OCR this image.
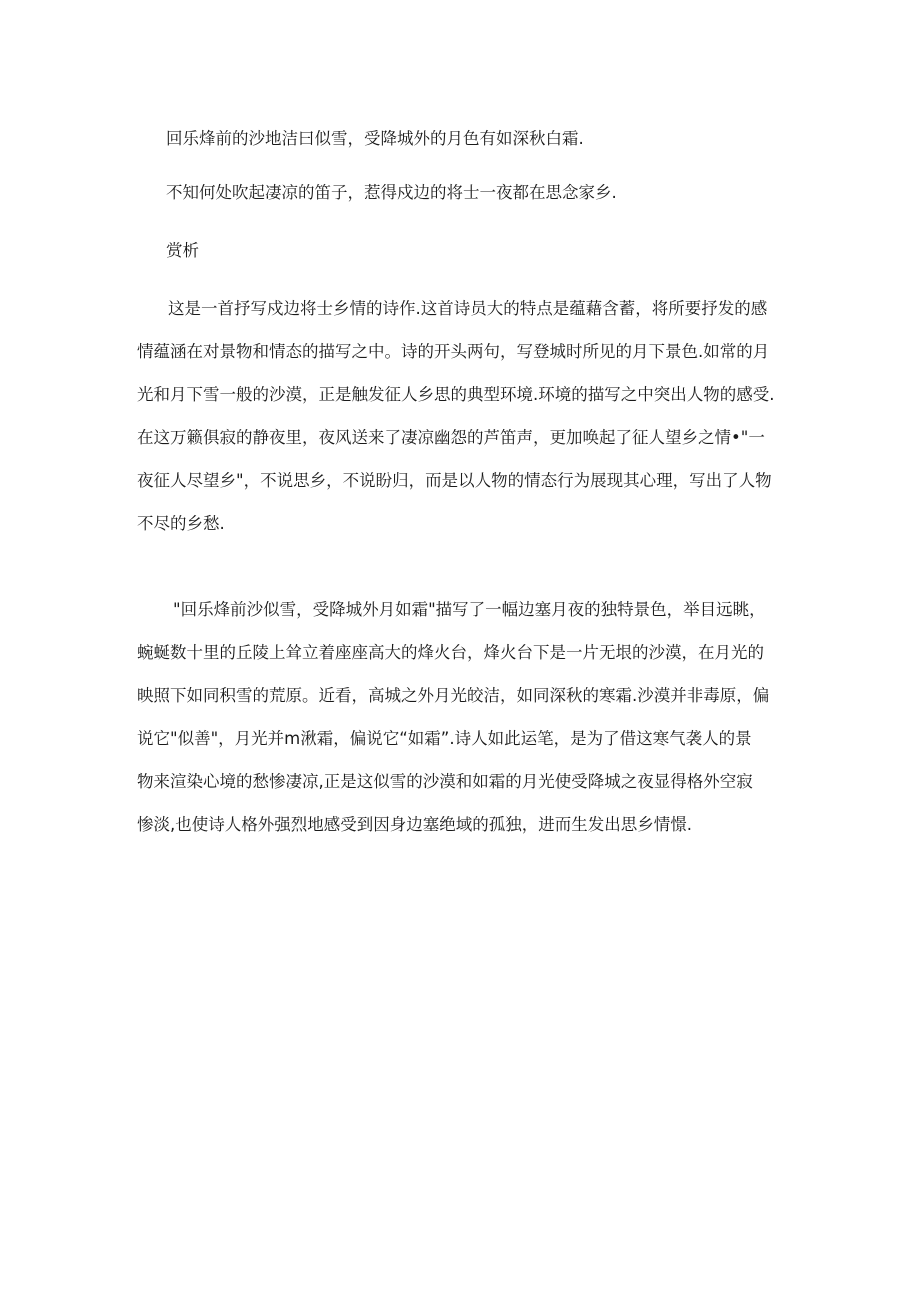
回乐烽前的沙地洁曰似雪，受降城外的月色有如深秋白霜.
不知何处吹起凄凉的笛子，惹得戍边的将士一夜都在思念家乡.
赏析
这是一首抒写戍边将士乡情的诗作.这首诗员大的特点是蕴藉含蓄，将所要抒发的感
情蕴涵在对景物和情态的描写之中。诗的开头两句，写登城时所见的月下景色.如常的月
光和月下雪一般的沙漠，正是触发征人乡思的典型环境.环境的描写之中突出人物的感受.
在这万籁俱寂的静夜里，夜风送来了凄凉幽怨的芦笛声，更加唤起了征人望乡之情•"一
夜征人尽望乡"，不说思乡，不说盼归，而是以人物的情态行为展现其心理，写出了人物
不尽的乡愁.
"回乐烽前沙似雪，受降城外月如霜"描写了一幅边塞月夜的独特景色，举目远眺，
蜿蜒数十里的丘陵上耸立着座座高大的烽火台，烽火台下是一片无垠的沙漠，在月光的
映照下如同积雪的荒原。近看，高城之外月光皎洁，如同深秋的寒霜.沙漠并非毒原，偏
说它"似善"，月光并m湫霜，偏说它“如霜”.诗人如此运笔，是为了借这寒气袭人的景
物来渲染心境的愁惨凄凉,正是这似雪的沙漠和如霜的月光使受降城之夜显得格外空寂
惨淡,也使诗人格外强烈地感受到因身边塞绝域的孤独，进而生发出思乡情憬.
